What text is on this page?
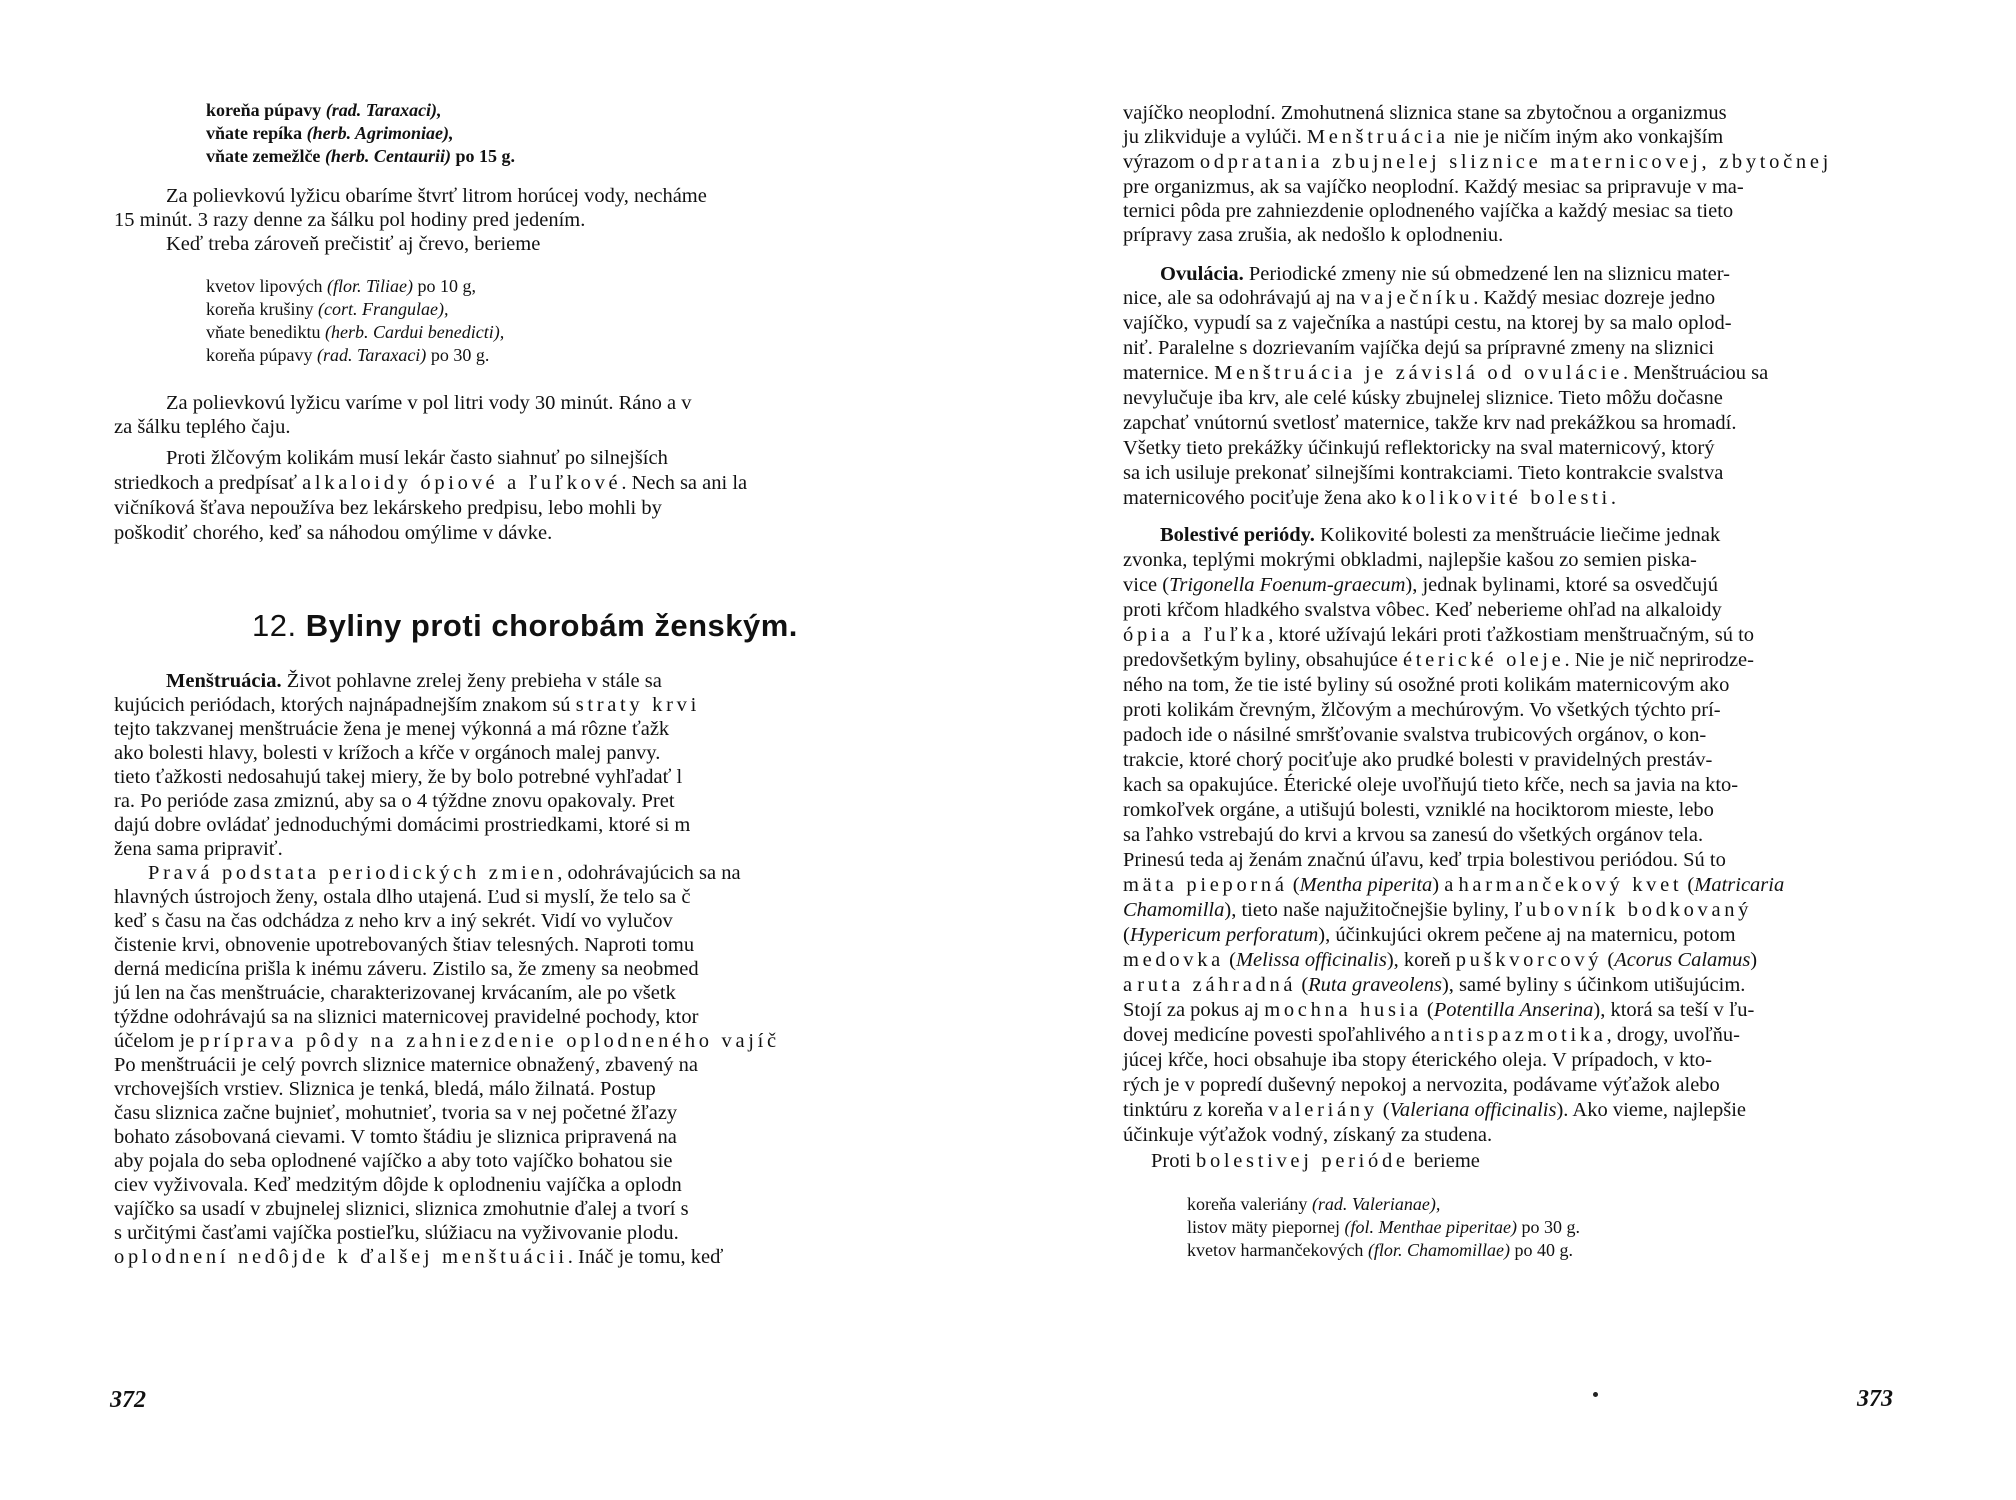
koreňa púpavy (rad. Taraxaci),
vňate repíka (herb. Agrimoniae),
vňate zemežlče (herb. Centaurii) po 15 g.
Za polievkovú lyžicu obaríme štvrť litrom horúcej vody, necháme
15 minút. 3 razy denne za šálku pol hodiny pred jedením.
Keď treba zároveň prečistiť aj črevo, berieme
kvetov lipových (flor. Tiliae) po 10 g,
koreňa krušiny (cort. Frangulae),
vňate benediktu (herb. Cardui benedicti),
koreňa púpavy (rad. Taraxaci) po 30 g.
Za polievkovú lyžicu varíme v pol litri vody 30 minút. Ráno a v
za šálku teplého čaju.
Proti žlčovým kolikám musí lekár často siahnuť po silnejších
striedkoch a predpísať alkaloidy ópiové a ľuľkové. Nech sa ani la
vičníková šťava nepoužíva bez lekárskeho predpisu, lebo mohli by
poškodiť chorého, keď sa náhodou omýlime v dávke.
12. Byliny proti chorobám ženským.
Menštruácia. Život pohlavne zrelej ženy prebieha v stále sa
kujúcich periódach, ktorých najnápadnejším znakom sú straty krvi
tejto takzvanej menštruácie žena je menej výkonná a má rôzne ťažk
ako bolesti hlavy, bolesti v krížoch a kŕče v orgánoch malej panvy.
tieto ťažkosti nedosahujú takej miery, že by bolo potrebné vyhľadať l
ra. Po perióde zasa zmiznú, aby sa o 4 týždne znovu opakovaly. Pret
dajú dobre ovládať jednoduchými domácimi prostriedkami, ktoré si m
žena sama pripraviť.
Pravá podstata periodických zmien, odohrávajúcich sa na
hlavných ústrojoch ženy, ostala dlho utajená. Ľud si myslí, že telo sa č
keď s času na čas odchádza z neho krv a iný sekrét. Vidí vo vylučov
čistenie krvi, obnovenie upotrebovaných štiav telesných. Naproti tomu
derná medicína prišla k inému záveru. Zistilo sa, že zmeny sa neobmed
jú len na čas menštruácie, charakterizovanej krvácaním, ale po všetk
týždne odohrávajú sa na sliznici maternicovej pravidelné pochody, ktor
účelom je príprava pôdy na zahniezdenie oplodneného vajíč
Po menštruácii je celý povrch sliznice maternice obnažený, zbavený na
vrchovejších vrstiev. Sliznica je tenká, bledá, málo žilnatá. Postup
času sliznica začne bujnieť, mohutnieť, tvoria sa v nej početné žľazy
bohato zásobovaná cievami. V tomto štádiu je sliznica pripravená na
aby pojala do seba oplodnené vajíčko a aby toto vajíčko bohatou sie
ciev vyživovala. Keď medzitým dôjde k oplodneniu vajíčka a oplodn
vajíčko sa usadí v zbujnelej sliznici, sliznica zmohutnie ďalej a tvorí s
s určitými časťami vajíčka postieľku, slúžiacu na vyživovanie plodu.
oplodnení nedôjde k ďalšej menštuácii. Ináč je tomu, keď
372
vajíčko neoplodní. Zmohutnená sliznica stane sa zbytočnou a organizmus
ju zlikviduje a vylúči. Menštruácia nie je ničím iným ako vonkajším
výrazom odpratania zbujnelej sliznice maternicovej, zbytočnej
pre organizmus, ak sa vajíčko neoplodní. Každý mesiac sa pripravuje v ma-
ternici pôda pre zahniezdenie oplodneného vajíčka a každý mesiac sa tieto
prípravy zasa zrušia, ak nedošlo k oplodneniu.
Ovulácia. Periodické zmeny nie sú obmedzené len na sliznicu mater-
nice, ale sa odohrávajú aj na vaječníku. Každý mesiac dozreje jedno
vajíčko, vypudí sa z vaječníka a nastúpi cestu, na ktorej by sa malo oplod-
niť. Paralelne s dozrievaním vajíčka dejú sa prípravné zmeny na sliznici
maternice. Menštruácia je závislá od ovulácie. Menštruáciou sa
nevylučuje iba krv, ale celé kúsky zbujnelej sliznice. Tieto môžu dočasne
zapchať vnútornú svetlosť maternice, takže krv nad prekážkou sa hromadí.
Všetky tieto prekážky účinkujú reflektoricky na sval maternicový, ktorý
sa ich usiluje prekonať silnejšími kontrakciami. Tieto kontrakcie svalstva
maternicového pociťuje žena ako kolikovité bolesti.
Bolestivé periódy. Kolikovité bolesti za menštruácie liečime jednak
zvonka, teplými mokrými obkladmi, najlepšie kašou zo semien piska-
vice (Trigonella Foenum-graecum), jednak bylinami, ktoré sa osvedčujú
proti kŕčom hladkého svalstva vôbec. Keď neberieme ohľad na alkaloidy
ópia a ľuľka, ktoré užívajú lekári proti ťažkostiam menštruačným, sú to
predovšetkým byliny, obsahujúce éterické oleje. Nie je nič neprirodze-
ného na tom, že tie isté byliny sú osožné proti kolikám maternicovým ako
proti kolikám črevným, žlčovým a mechúrovým. Vo všetkých týchto prí-
padoch ide o násilné smršťovanie svalstva trubicových orgánov, o kon-
trakcie, ktoré chorý pociťuje ako prudké bolesti v pravidelných prestáv-
kach sa opakujúce. Éterické oleje uvoľňujú tieto kŕče, nech sa javia na kto-
romkoľvek orgáne, a utišujú bolesti, vzniklé na hociktorom mieste, lebo
sa ľahko vstrebajú do krvi a krvou sa zanesú do všetkých orgánov tela.
Prinesú teda aj ženám značnú úľavu, keď trpia bolestivou periódou. Sú to
mäta pieporná (Mentha piperita) a harmančekový kvet (Matricaria
Chamomilla), tieto naše najužitočnejšie byliny, ľubovník bodkovaný
(Hypericum perforatum), účinkujúci okrem pečene aj na maternicu, potom
medovka (Melissa officinalis), koreň puškvorcový (Acorus Calamus)
a ruta záhradná (Ruta graveolens), samé byliny s účinkom utišujúcim.
Stojí za pokus aj mochna husia (Potentilla Anserina), ktorá sa teší v ľu-
dovej medicíne povesti spoľahlivého antispazmotika, drogy, uvoľňu-
júcej kŕče, hoci obsahuje iba stopy éterického oleja. V prípadoch, v kto-
rých je v popredí duševný nepokoj a nervozita, podávame výťažok alebo
tinktúru z koreňa valeriány (Valeriana officinalis). Ako vieme, najlepšie
účinkuje výťažok vodný, získaný za studena.
Proti bolestivej perióde berieme
koreňa valeriány (rad. Valerianae),
listov mäty piepornej (fol. Menthae piperitae) po 30 g.
kvetov harmančekových (flor. Chamomillae) po 40 g.
373
